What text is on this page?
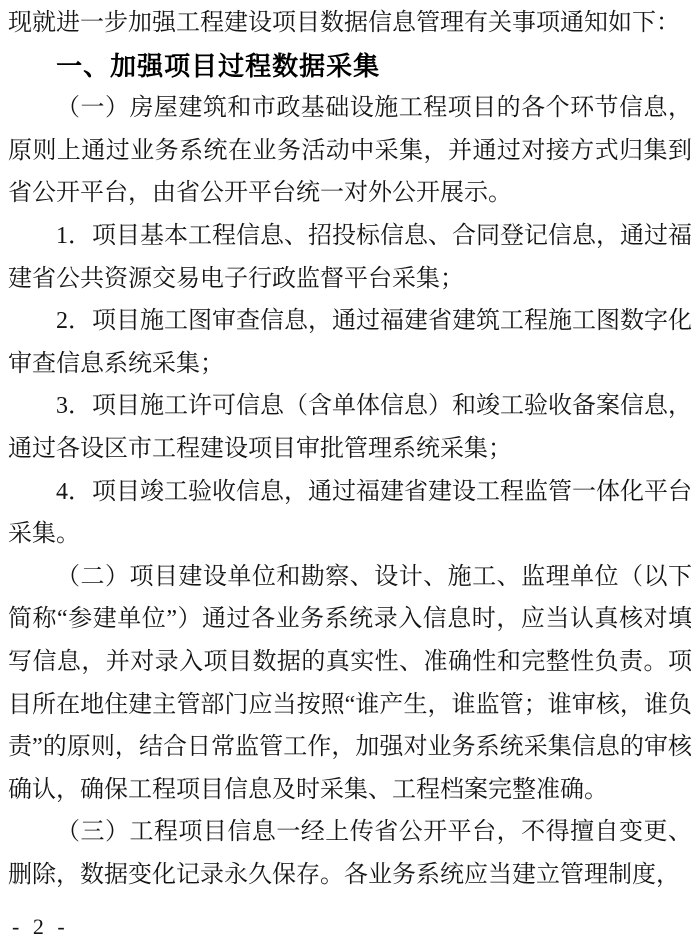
现就进一步加强工程建设项目数据信息管理有关事项通知如下：

一、加强项目过程数据采集

（一）房屋建筑和市政基础设施工程项目的各个环节信息，原则上通过业务系统在业务活动中采集，并通过对接方式归集到省公开平台，由省公开平台统一对外公开展示。

1．项目基本工程信息、招投标信息、合同登记信息，通过福建省公共资源交易电子行政监督平台采集；

2．项目施工图审查信息，通过福建省建筑工程施工图数字化审查信息系统采集；

3．项目施工许可信息（含单体信息）和竣工验收备案信息，通过各设区市工程建设项目审批管理系统采集；

4．项目竣工验收信息，通过福建省建设工程监管一体化平台采集。

（二）项目建设单位和勘察、设计、施工、监理单位（以下简称“参建单位”）通过各业务系统录入信息时，应当认真核对填写信息，并对录入项目数据的真实性、准确性和完整性负责。项目所在地住建主管部门应当按照“谁产生，谁监管；谁审核，谁负责”的原则，结合日常监管工作，加强对业务系统采集信息的审核确认，确保工程项目信息及时采集、工程档案完整准确。

（三）工程项目信息一经上传省公开平台，不得擅自变更、删除，数据变化记录永久保存。各业务系统应当建立管理制度，

- 2 -
